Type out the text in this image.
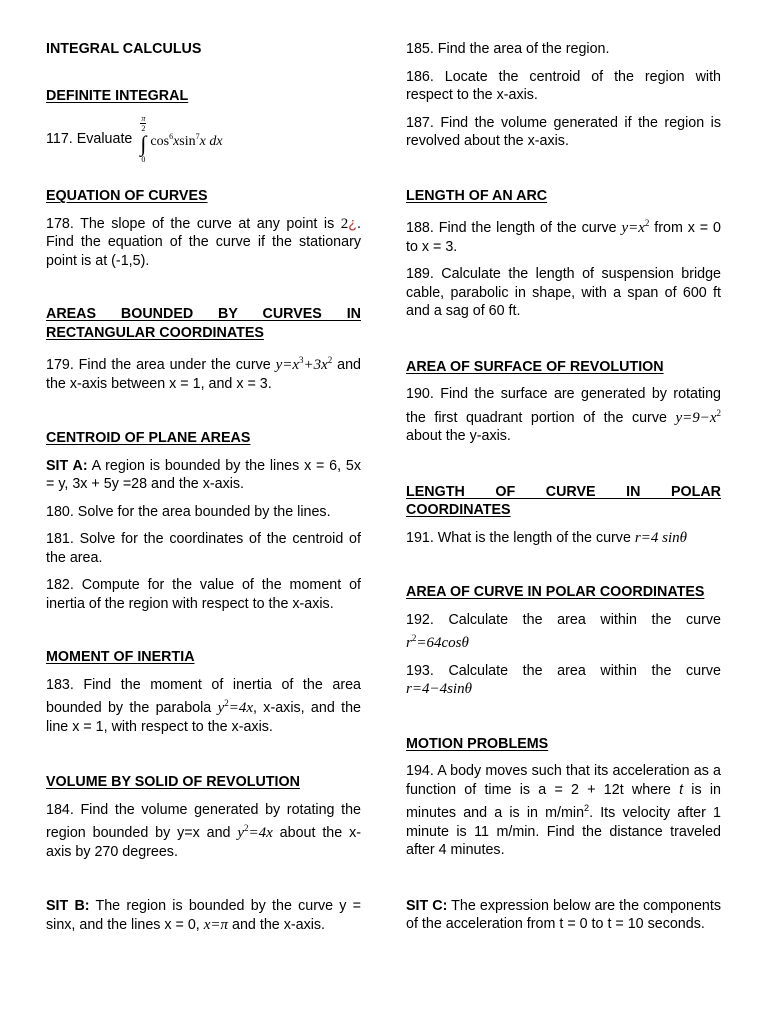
INTEGRAL CALCULUS

DEFINITE INTEGRAL

117. Evaluate
π
2
∫
0
$\cos^6xsin^7x$ dx

EQUATION OF CURVES

178. The slope of the curve at any point is 2¿. Find the equation of the curve if the stationary point is at (-1,5).

AREAS BOUNDED BY CURVES IN RECTANGULAR COORDINATES

179. Find the area under the curve $y=x^3+3x^2$ and the x-axis between x = 1, and x = 3.

CENTROID OF PLANE AREAS

SIT A: A region is bounded by the lines x = 6, 5x = y, 3x + 5y =28 and the x-axis.

180. Solve for the area bounded by the lines.

181. Solve for the coordinates of the centroid of the area.

182. Compute for the value of the moment of inertia of the region with respect to the x-axis.

MOMENT OF INERTIA

183. Find the moment of inertia of the area bounded by the parabola $y^2=4x$, x-axis, and the line x = 1, with respect to the x-axis.

VOLUME BY SOLID OF REVOLUTION

184. Find the volume generated by rotating the region bounded by y=x and $y^2=4x$ about the x-axis by 270 degrees.

SIT B: The region is bounded by the curve y = sinx, and the lines x = 0, x=π and the x-axis.

185. Find the area of the region.

186. Locate the centroid of the region with respect to the x-axis.

187. Find the volume generated if the region is revolved about the x-axis.

LENGTH OF AN ARC

188. Find the length of the curve $y=x^2$ from x = 0 to x = 3.

189. Calculate the length of suspension bridge cable, parabolic in shape, with a span of 600 ft and a sag of 60 ft.

AREA OF SURFACE OF REVOLUTION

190. Find the surface are generated by rotating the first quadrant portion of the curve $y=9-x^2$ about the y-axis.

LENGTH OF CURVE IN POLAR COORDINATES

191. What is the length of the curve r=4 sinθ

AREA OF CURVE IN POLAR COORDINATES

192. Calculate the area within the curve $r^2=64\cos\theta$

193. Calculate the area within the curve r=4−4sinθ

MOTION PROBLEMS

194. A body moves such that its acceleration as a function of time is a = 2 + 12t where t is in minutes and a is in $m/\min^2$. Its velocity after 1 minute is 11 m/min. Find the distance traveled after 4 minutes.

SIT C: The expression below are the components of the acceleration from t = 0 to t = 10 seconds.
